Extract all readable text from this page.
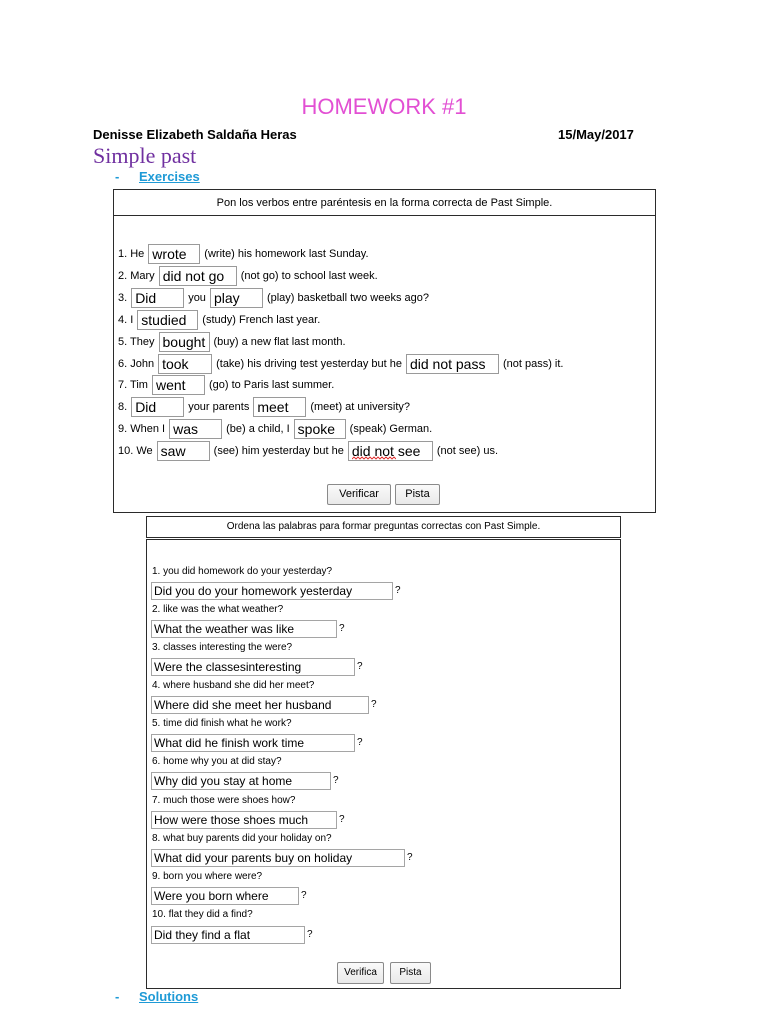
HOMEWORK #1
Denisse Elizabeth Saldaña Heras	15/May/2017
Simple past
- Exercises
Pon los verbos entre paréntesis en la forma correcta de Past Simple.
1. He wrote	(write) his homework last Sunday.
2. Mary did not go	(not go) to school last week.
3. Did	you play	(play) basketball two weeks ago?
4. I studied	(study) French last year.
5. They bought (buy) a new flat last month.
6. John took	(take) his driving test yesterday but he did not pass	(not pass) it.
7. Tim went	(go) to Paris last summer.
8. Did	your parents meet	(meet) at university?
9. When I was	(be) a child, I spoke	(speak) German.
10. We saw	(see) him yesterday but he did not see	(not see) us.
Verificar	Pista
Ordena las palabras para formar preguntas correctas con Past Simple.
1. you did homework do your yesterday?
Did you do your homework yesterday	?
2. like was the what weather?
What the weather was like	?
3. classes interesting the were?
Were the classesinteresting	?
4. where husband she did her meet?
Where did she meet her husband	?
5. time did finish what he work?
What did he finish work time	?
6. home why you at did stay?
Why did you stay at home	?
7. much those were shoes how?
How were those shoes much	?
8. what buy parents did your holiday on?
What did your parents buy on holiday	?
9. born you where were?
Were you born where	?
10. flat they did a find?
Did they find a flat	?
Verifica	Pista
- Solutions
